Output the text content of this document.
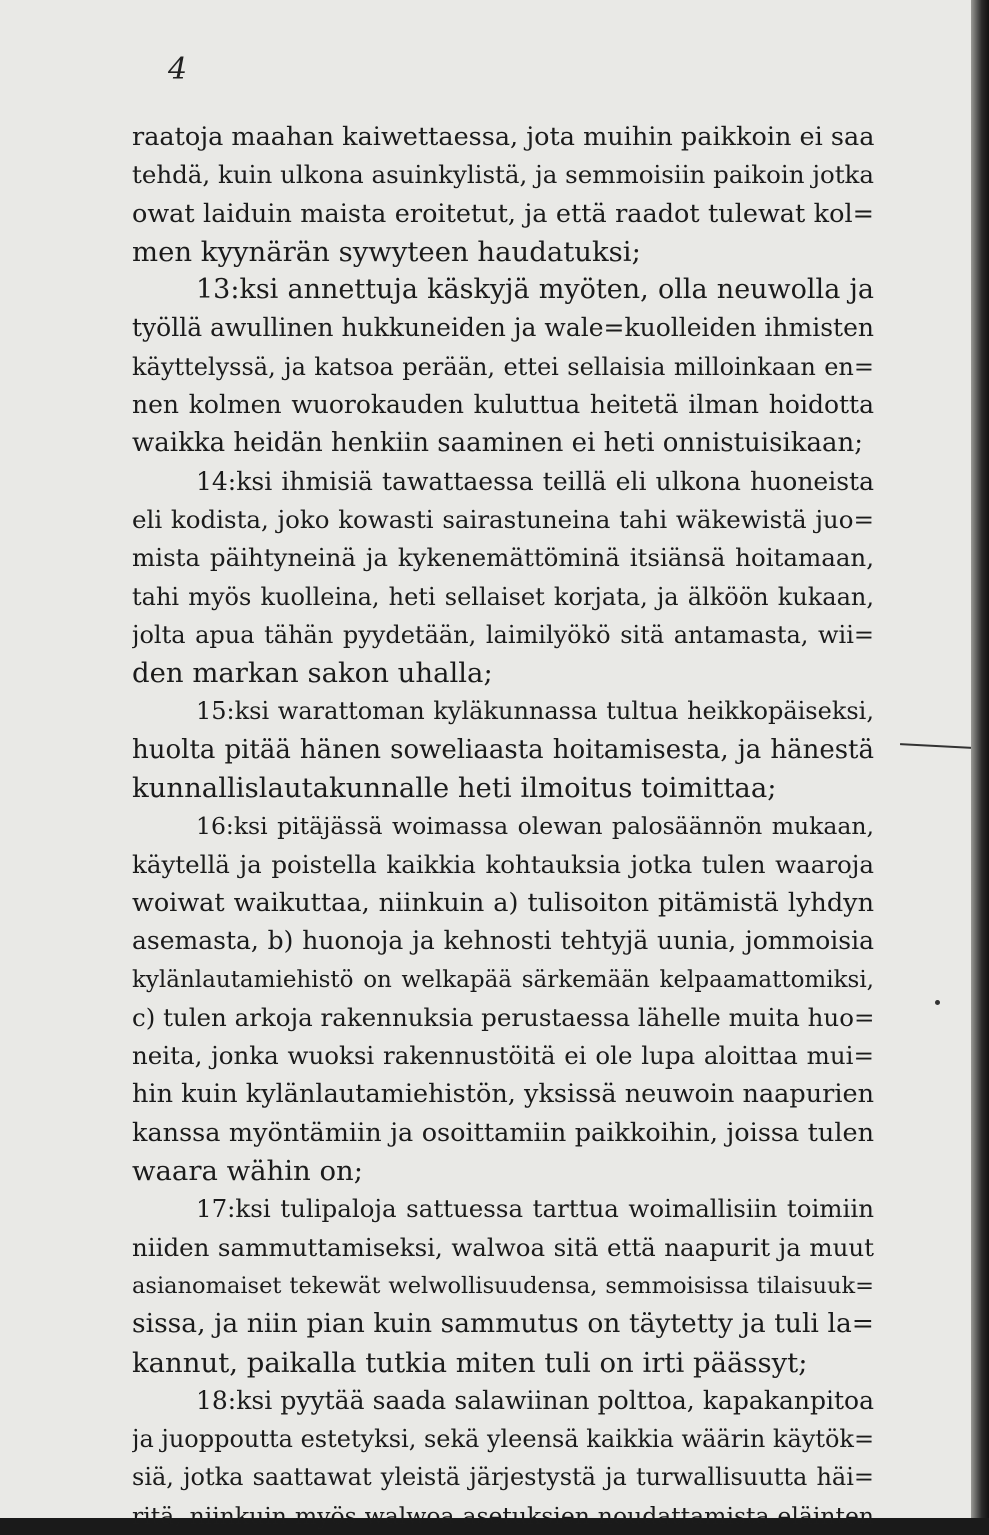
4
raatoja maahan kaiwettaessa, jota muihin paikkoin ei saa
tehdä, kuin ulkona asuinkylistä, ja semmoisiin paikoin jotka
owat laiduin maista eroitetut, ja että raadot tulewat kol=
men kyynärän sywyteen haudatuksi;
13:ksi annettuja käskyjä myöten, olla neuwolla ja
työllä awullinen hukkuneiden ja wale=kuolleiden ihmisten
käyttelyssä, ja katsoa perään, ettei sellaisia milloinkaan en=
nen kolmen wuorokauden kuluttua heitetä ilman hoidotta
waikka heidän henkiin saaminen ei heti onnistuisikaan;
14:ksi ihmisiä tawattaessa teillä eli ulkona huoneista
eli kodista, joko kowasti sairastuneina tahi wäkewistä juo=
mista päihtyneinä ja kykenemättöminä itsiänsä hoitamaan,
tahi myös kuolleina, heti sellaiset korjata, ja älköön kukaan,
jolta apua tähän pyydetään, laimilyökö sitä antamasta, wii=
den markan sakon uhalla;
15:ksi warattoman kyläkunnassa tultua heikkopäiseksi,
huolta pitää hänen soweliaasta hoitamisesta, ja hänestä
kunnallislautakunnalle heti ilmoitus toimittaa;
16:ksi pitäjässä woimassa olewan palosäännön mukaan,
käytellä ja poistella kaikkia kohtauksia jotka tulen waaroja
woiwat waikuttaa, niinkuin a) tulisoiton pitämistä lyhdyn
asemasta, b) huonoja ja kehnosti tehtyjä uunia, jommoisia
kylänlautamiehistö on welkapää särkemään kelpaamattomiksi,
c) tulen arkoja rakennuksia perustaessa lähelle muita huo=
neita, jonka wuoksi rakennustöitä ei ole lupa aloittaa mui=
hin kuin kylänlautamiehistön, yksissä neuwoin naapurien
kanssa myöntämiin ja osoittamiin paikkoihin, joissa tulen
waara wähin on;
17:ksi tulipaloja sattuessa tarttua woimallisiin toimiin
niiden sammuttamiseksi, walwoa sitä että naapurit ja muut
asianomaiset tekewät welwollisuudensa, semmoisissa tilaisuuk=
sissa, ja niin pian kuin sammutus on täytetty ja tuli la=
kannut, paikalla tutkia miten tuli on irti päässyt;
18:ksi pyytää saada salawiinan polttoa, kapakanpitoa
ja juoppoutta estetyksi, sekä yleensä kaikkia wäärin käytök=
siä, jotka saattawat yleistä järjestystä ja turwallisuutta häi=
ritä, niinkuin myös walwoa asetuksien noudattamista eläinten
